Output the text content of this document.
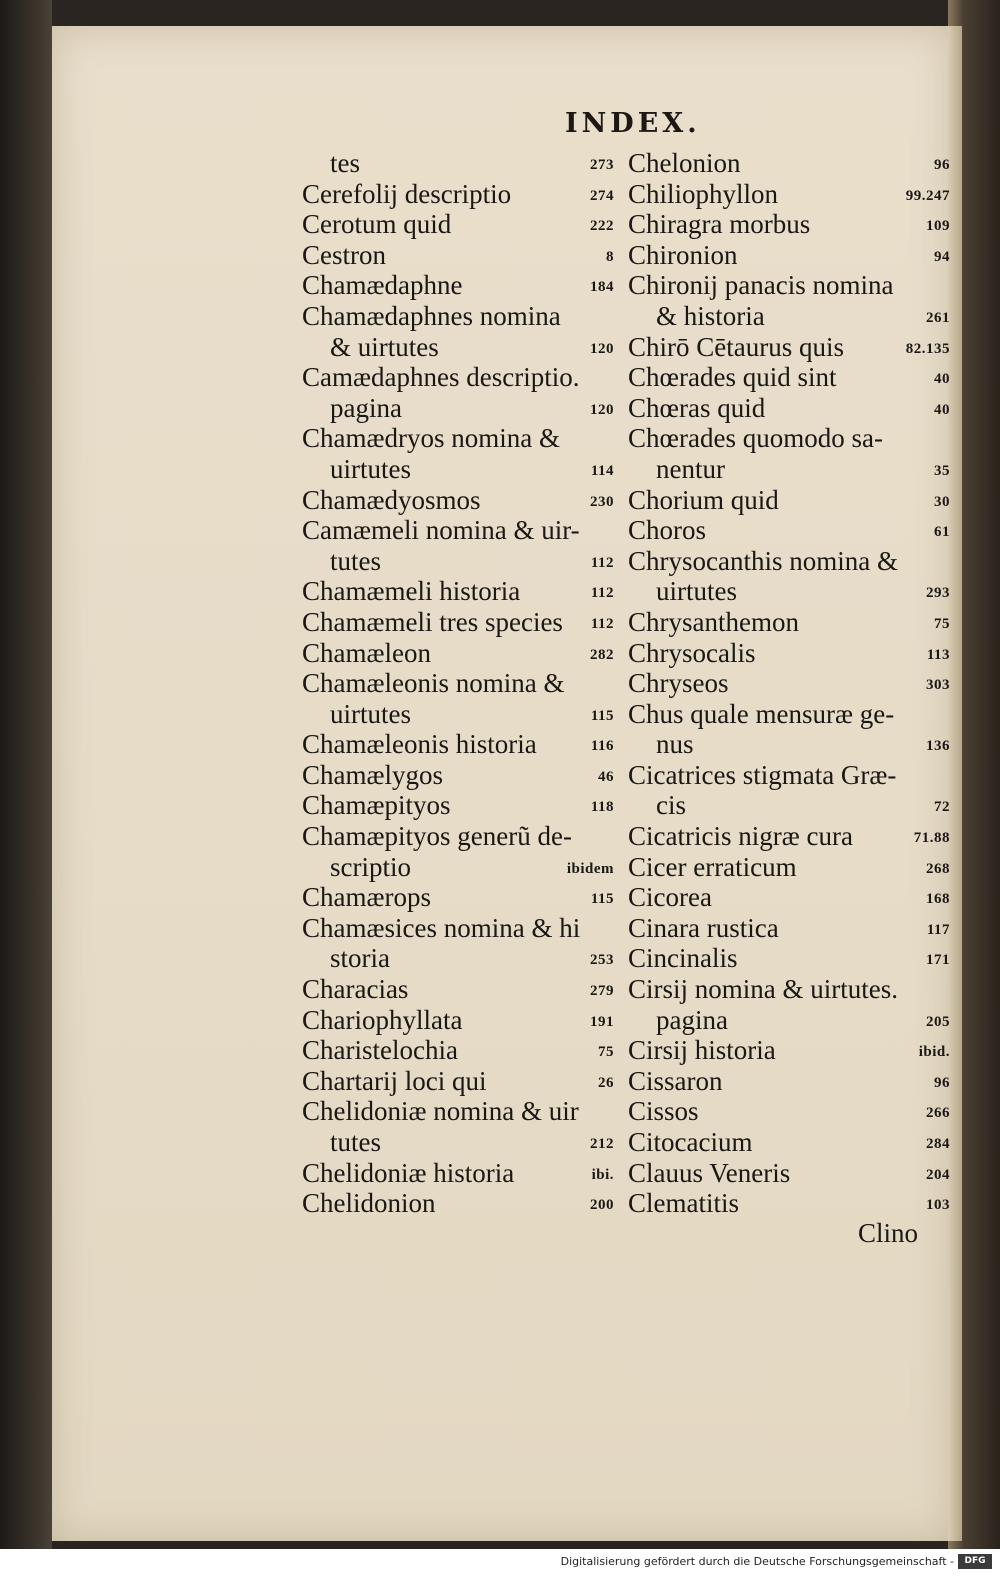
INDEX.
tes	273
Cerefolij descriptio	274
Cerotum quid	222
Cestron	8
Chamædaphne	184
Chamædaphnes nomina
& uirtutes	120
Camædaphnes descriptio.
pagina	120
Chamædryos nomina &
uirtutes	114
Chamædyosmos	230
Camæmeli nomina & uir-
tutes	112
Chamæmeli historia	112
Chamæmeli tres species 112
Chamæleon	282
Chamæleonis nomina &
uirtutes	115
Chamæleonis historia	116
Chamælygos	46
Chamæpityos	118
Chamæpityos generũ de-
scriptio	ibidem
Chamærops	115
Chamæsices nomina & hi
storia	253
Characias	279
Chariophyllata	191
Charistelochia	75
Chartarij loci qui	26
Chelidoniæ nomina & uir
tutes	212
Chelidoniæ historia	ibi.
Chelidonion	200
Chelonion	96
Chiliophyllon	99.247
Chiragra morbus	109
Chironion	94
Chironij panacis nomina
& historia	261
Chirō Cētaurus quis	82.135
Chœrades quid sint	40
Chœras quid	40
Chœrades quomodo sa-
nentur	35
Chorium quid	30
Choros	61
Chrysocanthis nomina &
uirtutes	293
Chrysanthemon	75
Chrysocalis	113
Chryseos	303
Chus quale mensuræ ge-
nus	136
Cicatrices stigmata Græ-
cis	72
Cicatricis nigræ cura	71.88
Cicer erraticum	268
Cicorea	168
Cinara rustica	117
Cincinalis	171
Cirsij nomina & uirtutes.
pagina	205
Cirsij historia	ibid.
Cissaron	96
Cissos	266
Citocacium	284
Clauus Veneris	204
Clematitis	103
Clino
Digitalisierung gefördert durch die Deutsche Forschungsgemeinschaft -	DFG
